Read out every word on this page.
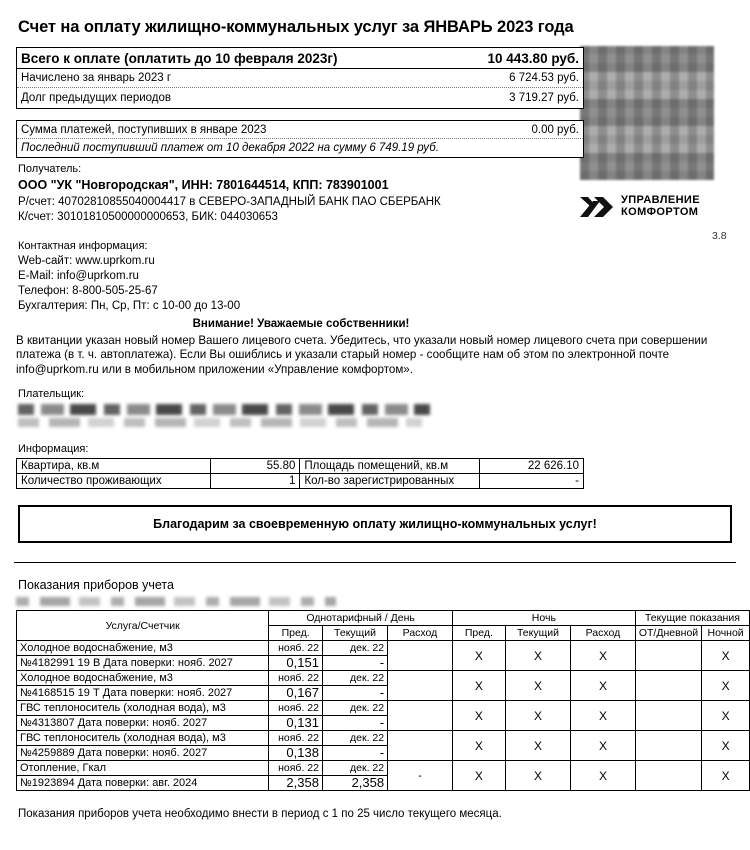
Счет на оплату жилищно-коммунальных услуг за ЯНВАРЬ 2023 года
УПРАВЛЕНИЕ
КОМФОРТОМ
3.8
Всего к оплате (оплатить до 10 февраля 2023г)	10 443.80 руб.
Начислено за январь 2023 г	6 724.53 руб.
Долг предыдущих периодов	3 719.27 руб.
Сумма платежей, поступивших в январе 2023	0.00 руб.
Последний поступивший платеж от 10 декабря 2022 на сумму 6 749.19 руб.
Получатель:
ООО "УК "Новгородская", ИНН: 7801644514, КПП: 783901001
Р/счет: 40702810855040004417 в СЕВЕРО-ЗАПАДНЫЙ БАНК ПАО СБЕРБАНК
К/счет: 30101810500000000653, БИК: 044030653
Контактная информация:
Web-сайт: www.uprkom.ru
E-Mail: info@uprkom.ru
Телефон: 8-800-505-25-67
Бухгалтерия: Пн, Ср, Пт: с 10-00 до 13-00
Внимание! Уважаемые собственники!
В квитанции указан новый номер Вашего лицевого счета. Убедитесь, что указали новый номер лицевого счета при совершении платежа (в т. ч. автоплатежа). Если Вы ошиблись и указали старый номер - сообщите нам об этом по электронной почте info@uprkom.ru или в мобильном приложении «Управление комфортом».
Плательщик:
Информация:
Квартира, кв.м	55.80	Площадь помещений, кв.м	22 626.10
Количество проживающих	1	Кол-во зарегистрированных	-
Благодарим за своевременную оплату жилищно-коммунальных услуг!
Показания приборов учета
Услуга/Счетчик	Однотарифный / День			Ночь			Текущие показания	
	Пред.	Текущий	Расход	Пред.	Текущий	Расход	ОТ/Дневной	Ночной
Холодное водоснабжение, м3	нояб. 22	дек. 22		X	X	X		X
№4182991 19 В Дата поверки: нояб. 2027	0,151	-						
Холодное водоснабжение, м3	нояб. 22	дек. 22		X	X	X		X
№4168515 19 Т Дата поверки: нояб. 2027	0,167	-						
ГВС теплоноситель (холодная вода), м3	нояб. 22	дек. 22		X	X	X		X
№4313807 Дата поверки: нояб. 2027	0,131	-						
ГВС теплоноситель (холодная вода), м3	нояб. 22	дек. 22		X	X	X		X
№4259889 Дата поверки: нояб. 2027	0,138	-						
Отопление, Гкал	нояб. 22	дек. 22	-	X	X	X		X
№1923894 Дата поверки: авг. 2024	2,358	2,358						
Показания приборов учета необходимо внести в период с 1 по 25 число текущего месяца.
